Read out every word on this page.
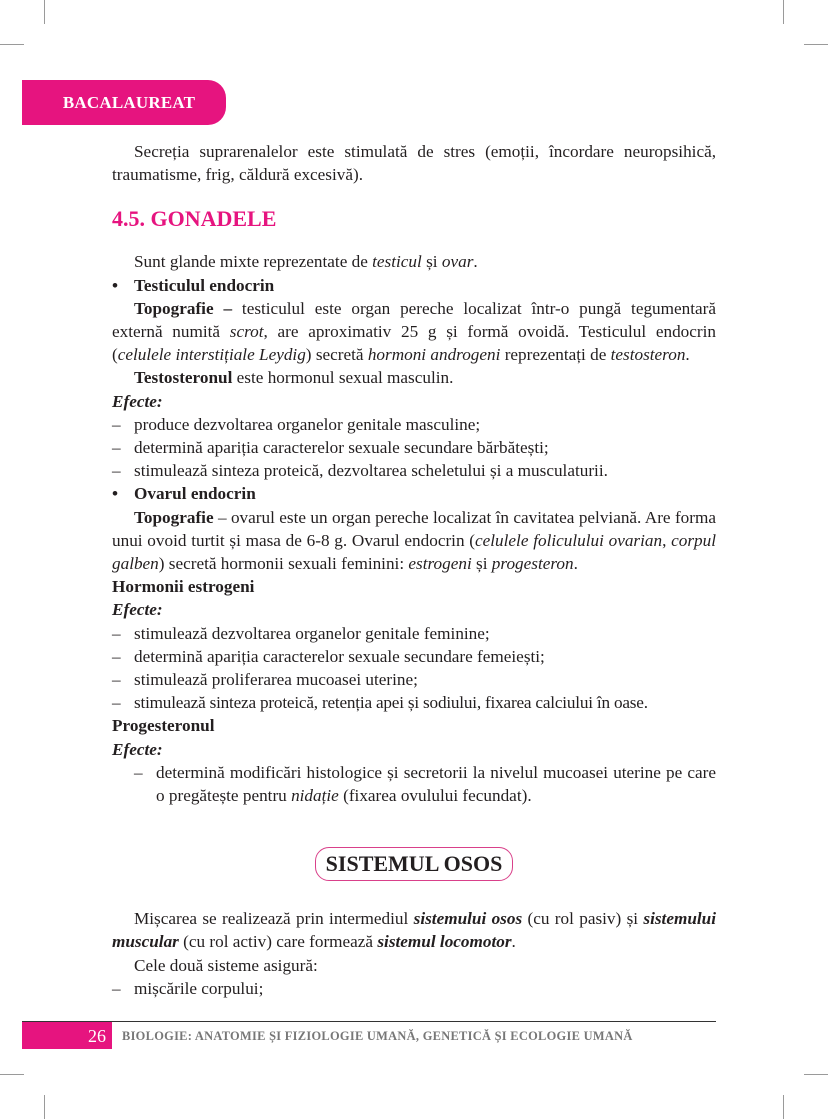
BACALAUREAT

Secreția suprarenalelor este stimulată de stres (emoții, încordare neuropsihică, traumatisme, frig, căldură excesivă).

4.5. GONADELE

Sunt glande mixte reprezentate de testicul și ovar.

• Testiculul endocrin

Topografie – testiculul este organ pereche localizat într-o pungă tegumentară externă numită scrot, are aproximativ 25 g și formă ovoidă. Testiculul endocrin (celulele interstițiale Leydig) secretă hormoni androgeni reprezentați de testosteron.

Testosteronul este hormonul sexual masculin.

Efecte:
– produce dezvoltarea organelor genitale masculine;
– determină apariția caracterelor sexuale secundare bărbătești;
– stimulează sinteza proteică, dezvoltarea scheletului și a musculaturii.
• Ovarul endocrin

Topografie – ovarul este un organ pereche localizat în cavitatea pelviană. Are forma unui ovoid turtit și masa de 6-8 g. Ovarul endocrin (celulele foliculului ovarian, corpul galben) secretă hormonii sexuali feminini: estrogeni și progesteron.

Hormonii estrogeni
Efecte:
– stimulează dezvoltarea organelor genitale feminine;
– determină apariția caracterelor sexuale secundare femeiești;
– stimulează proliferarea mucoasei uterine;
– stimulează sinteza proteică, retenția apei și sodiului, fixarea calciului în oase.
Progesteronul
Efecte:
– determină modificări histologice și secretorii la nivelul mucoasei uterine pe care o pregătește pentru nidație (fixarea ovulului fecundat).
SISTEMUL OSOS

Mișcarea se realizează prin intermediul sistemului osos (cu rol pasiv) și sistemului muscular (cu rol activ) care formează sistemul locomotor.

Cele două sisteme asigură:

– mișcările corpului;
26	BIOLOGIE: ANATOMIE ȘI FIZIOLOGIE UMANĂ, GENETICĂ ȘI ECOLOGIE UMANĂ
